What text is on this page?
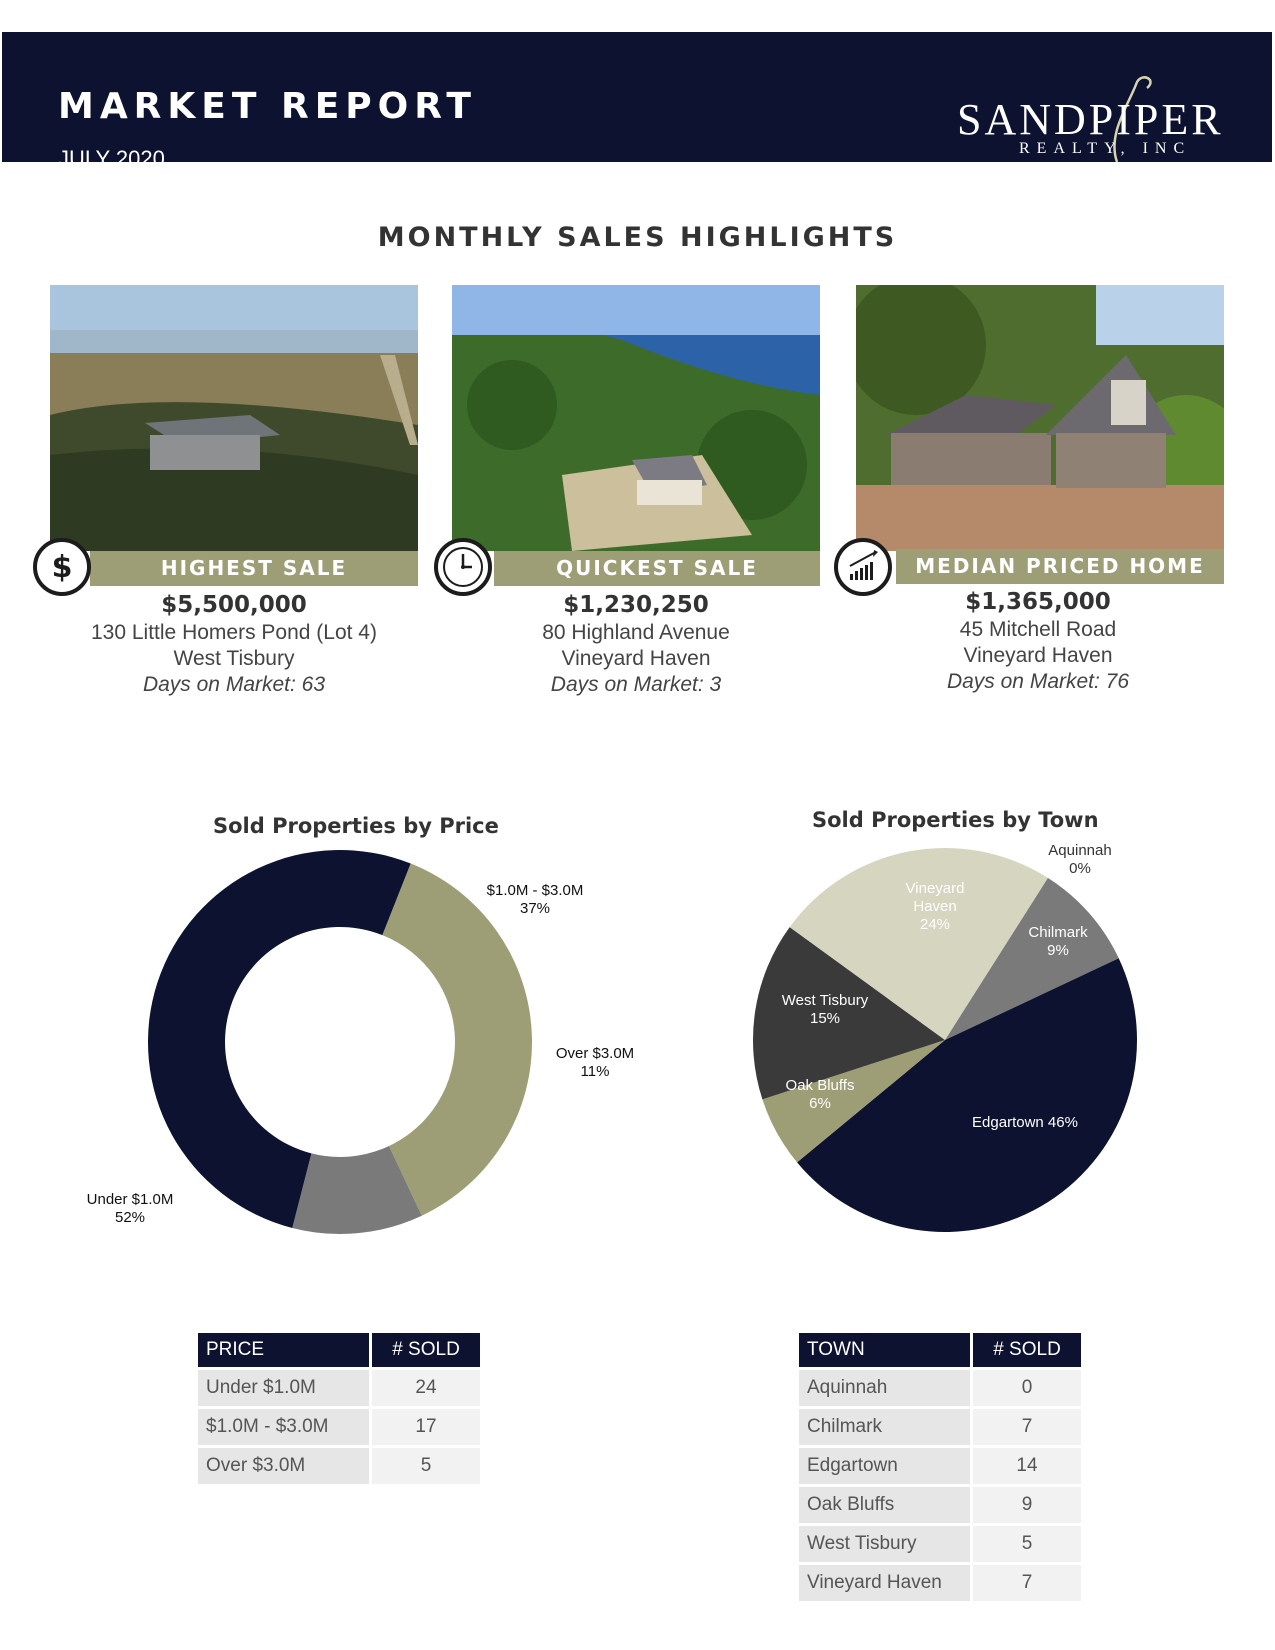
MARKET REPORT
JULY 2020
SANDPIPER
REALTY, INC
MONTHLY SALES HIGHLIGHTS
HIGHEST SALE
$
$5,500,000
130 Little Homers Pond (Lot 4)
West Tisbury
Days on Market: 63
QUICKEST SALE
$1,230,250
80 Highland Avenue
Vineyard Haven
Days on Market: 3
MEDIAN PRICED HOME
$1,365,000
45 Mitchell Road
Vineyard Haven
Days on Market: 76
Sold Properties by Price
$1.0M - $3.0M 37%
Over $3.0M 11%
Under $1.0M 52%
Sold Properties by Town
Aquinnah 0%
Chilmark 9%
Edgartown 46%
Oak Bluffs 6%
West Tisbury 15%
Vineyard Haven 24%
PRICE	# SOLD
Under $1.0M	24
$1.0M - $3.0M	17
Over $3.0M	5
TOWN	# SOLD
Aquinnah	0
Chilmark	7
Edgartown	14
Oak Bluffs	9
West Tisbury	5
Vineyard Haven	7
